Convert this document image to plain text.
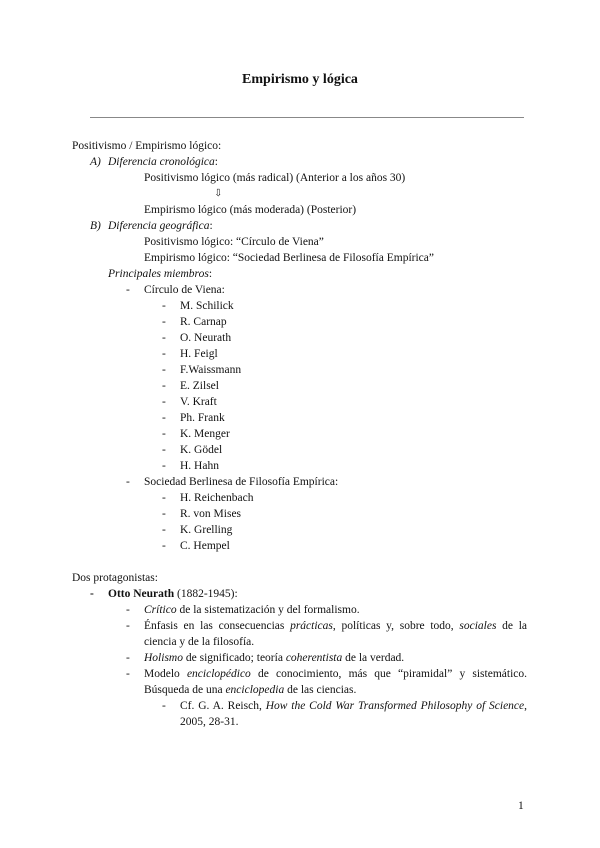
Empirismo y lógica
Positivismo / Empirismo lógico:
A) Diferencia cronológica:
Positivismo lógico (más radical) (Anterior a los años 30)
⇩
Empirismo lógico (más moderada) (Posterior)
B) Diferencia geográfica:
Positivismo lógico: “Círculo de Viena”
Empirismo lógico: “Sociedad Berlinesa de Filosofía Empírica”
Principales miembros:
- Círculo de Viena:
- M. Schilick
- R. Carnap
- O. Neurath
- H. Feigl
- F.Waissmann
- E. Zilsel
- V. Kraft
- Ph. Frank
- K. Menger
- K. Gödel
- H. Hahn
- Sociedad Berlinesa de Filosofía Empírica:
- H. Reichenbach
- R. von Mises
- K. Grelling
- C. Hempel
Dos protagonistas:
- Otto Neurath (1882-1945):
- Crítico de la sistematización y del formalismo.
- Énfasis en las consecuencias prácticas, políticas y, sobre todo, sociales de la ciencia y de la filosofía.
- Holismo de significado; teoría coherentista de la verdad.
- Modelo enciclopédico de conocimiento, más que “piramidal” y sistemático. Búsqueda de una enciclopedia de las ciencias.
- Cf. G. A. Reisch, How the Cold War Transformed Philosophy of Science, 2005, 28-31.
1
